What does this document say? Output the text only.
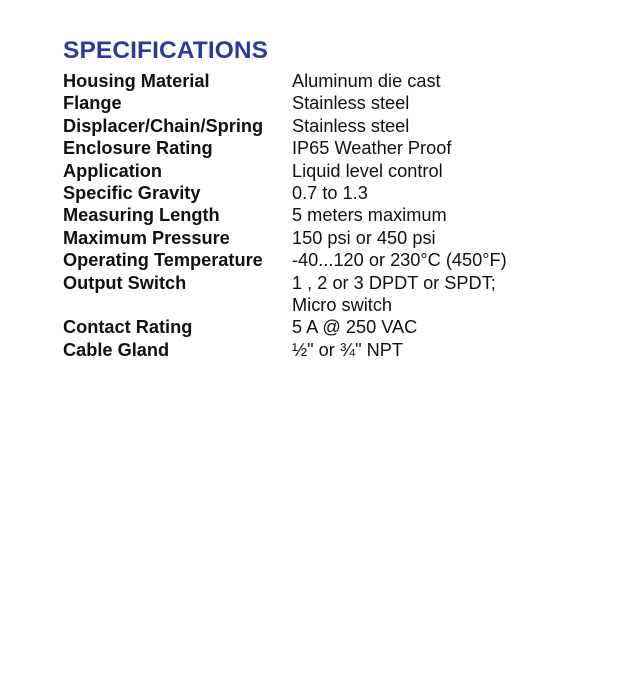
SPECIFICATIONS
Housing Material	Aluminum die cast
Flange	Stainless steel
Displacer/Chain/Spring	Stainless steel
Enclosure Rating	IP65 Weather Proof
Application	Liquid level control
Specific Gravity	0.7 to 1.3
Measuring Length	5 meters maximum
Maximum Pressure	150 psi or 450 psi
Operating Temperature	-40...120 or 230°C (450°F)
Output Switch	1 , 2 or 3 DPDT or SPDT;
Micro switch
Contact Rating	5 A @ 250 VAC
Cable Gland	½" or ¾" NPT
